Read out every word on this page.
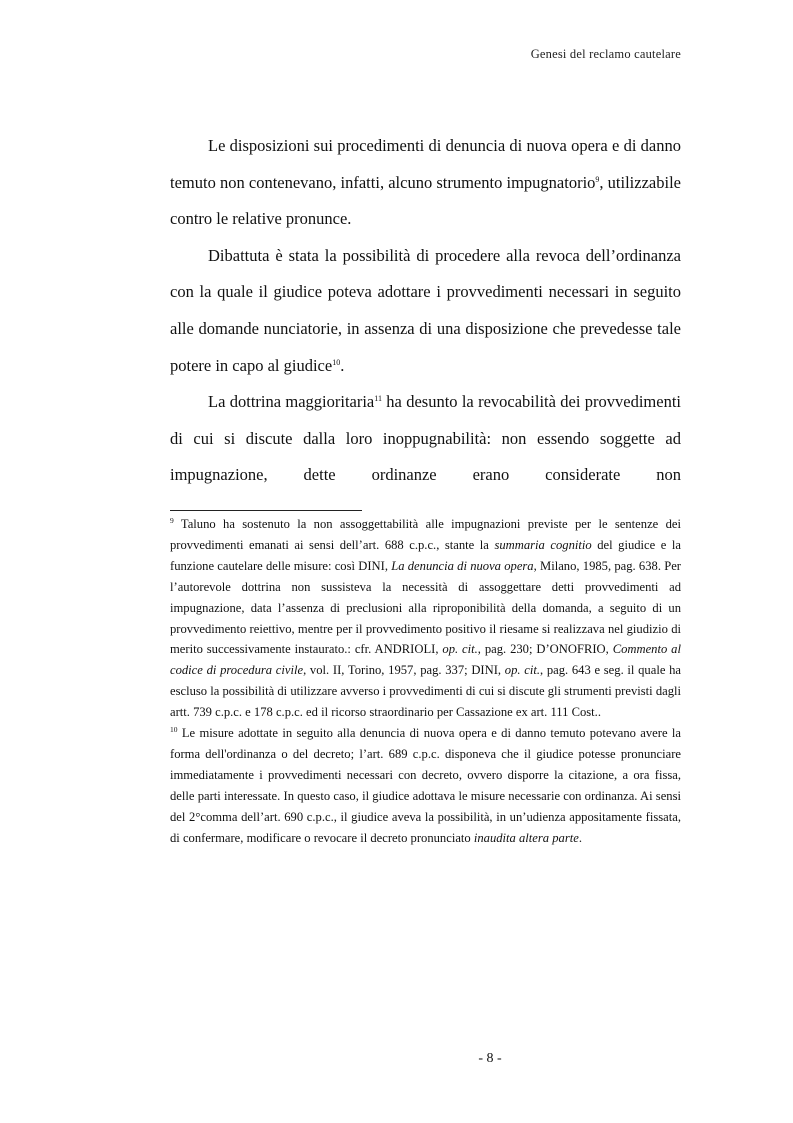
Genesi del reclamo cautelare

Le disposizioni sui procedimenti di denuncia di nuova opera e di danno temuto non contenevano, infatti, alcuno strumento impugnatorio$^9$, utilizzabile contro le relative pronunce.

Dibattuta è stata la possibilità di procedere alla revoca dell’ordinanza con la quale il giudice poteva adottare i provvedimenti necessari in seguito alle domande nunciatorie, in assenza di una disposizione che prevedesse tale potere in capo al giudice$^{10}$.

La dottrina maggioritaria$^{11}$ ha desunto la revocabilità dei provvedimenti di cui si discute dalla loro inoppugnabilità: non essendo soggette ad impugnazione, dette ordinanze erano considerate non

$^9$ Taluno ha sostenuto la non assoggettabilità alle impugnazioni previste per le sentenze dei provvedimenti emanati ai sensi dell’art. 688 c.p.c., stante la summaria cognitio del giudice e la funzione cautelare delle misure: così DINI, La denuncia di nuova opera, Milano, 1985, pag. 638. Per l’autorevole dottrina non sussisteva la necessità di assoggettare detti provvedimenti ad impugnazione, data l’assenza di preclusioni alla riproponibilità della domanda, a seguito di un provvedimento reiettivo, mentre per il provvedimento positivo il riesame si realizzava nel giudizio di merito successivamente instaurato.: cfr. ANDRIOLI, op. cit., pag. 230; D’ONOFRIO, Commento al codice di procedura civile, vol. II, Torino, 1957, pag. 337; DINI, op. cit., pag. 643 e seg. il quale ha escluso la possibilità di utilizzare avverso i provvedimenti di cui si discute gli strumenti previsti dagli artt. 739 c.p.c. e 178 c.p.c. ed il ricorso straordinario per Cassazione ex art. 111 Cost..

$^{10}$ Le misure adottate in seguito alla denuncia di nuova opera e di danno temuto potevano avere la forma dell'ordinanza o del decreto; l’art. 689 c.p.c. disponeva che il giudice potesse pronunciare immediatamente i provvedimenti necessari con decreto, ovvero disporre la citazione, a ora fissa, delle parti interessate. In questo caso, il giudice adottava le misure necessarie con ordinanza. Ai sensi del 2°comma dell’art. 690 c.p.c., il giudice aveva la possibilità, in un’udienza appositamente fissata, di confermare, modificare o revocare il decreto pronunciato inaudita altera parte.

- 8 -
